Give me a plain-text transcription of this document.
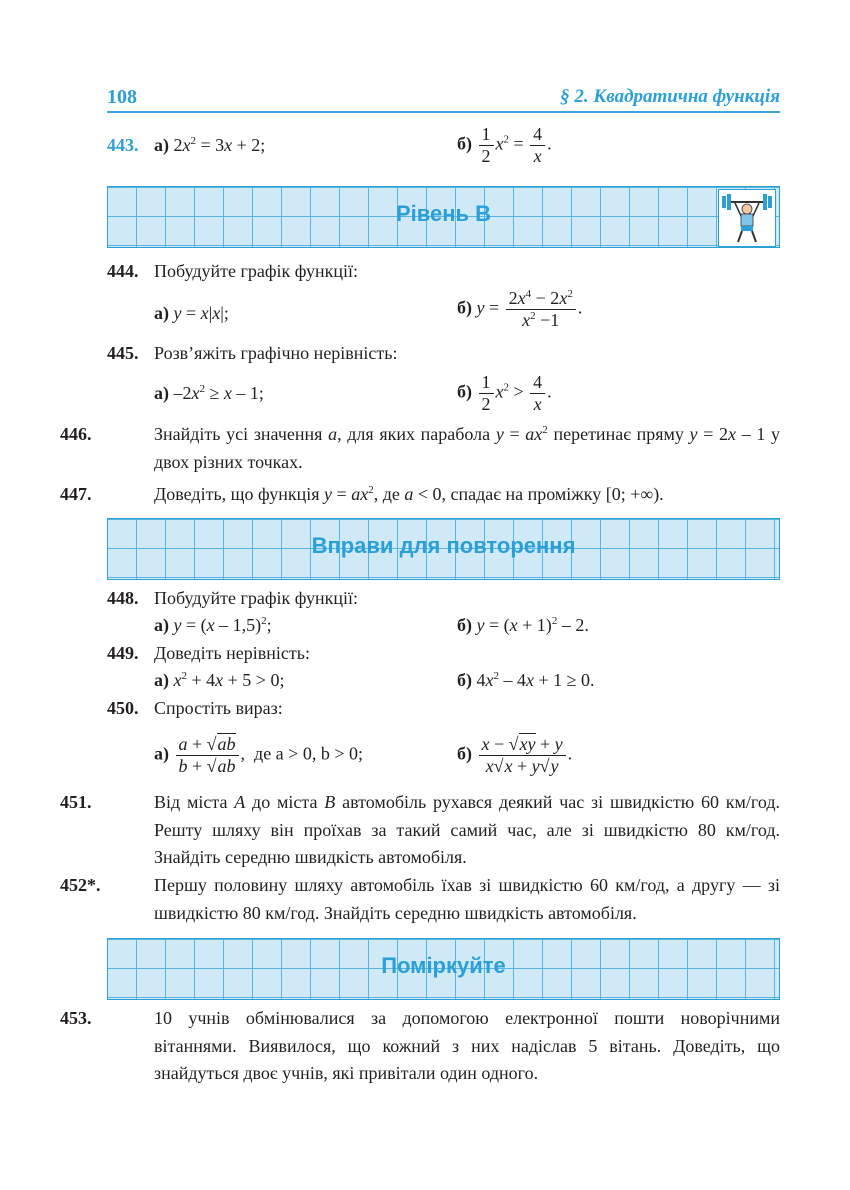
108	§ 2. Квадратична функція
443. а) $2x^2 = 3x + 2$;	$б) \frac{1}{2} x^2 = \frac{4}{x}$ .
Рівень В
444. Побудуйте графік функції:
а) y = x|x|;	б) $y = \frac{2x^4 - 2x^2}{x^2 -1}$ .
445. Розв’яжіть графічно нерівність:
а) $-2x^2 \ge x - 1$;	$б) \frac{1}{2} x^2 > \frac{4}{x}$ .
446.	Знайдіть усі значення a, для яких парабола $y = ax^2$ перетинає пряму y = 2x – 1 у двох різних точках.
447.	Доведіть, що функція $y = ax^2$, де a < 0, спадає на проміжку [0; +∞).
Вправи для повторення
448. Побудуйте графік функції:
а) y = (x – 1,5)$^2$;	б) $y = (x + 1)^2 - 2$.
449. Доведіть нерівність:
а) $x^2 + 4x + 5 > 0$;	б) $4x^2 - 4x + 1 \ge 0$.
450. Спростіть вираз:
$а) \frac{a + √ab}{b + √ab}$ ,  де a > 0, b > 0;	$б) \frac{x - √xy + y}{x√x + y√y}$ .
451.	Від міста A до міста B автомобіль рухався деякий час зі швидкістю 60 км/год. Решту шляху він проїхав за такий самий час, але зі швидкістю 80 км/год. Знайдіть середню швидкість автомобіля.
452*.	Першу половину шляху автомобіль їхав зі швидкістю 60 км/год, а другу — зі швидкістю 80 км/год. Знайдіть середню швидкість автомобіля.
Поміркуйте
453.	10 учнів обмінювалися за допомогою електронної пошти новорічними вітаннями. Виявилося, що кожний з них надіслав 5 вітань. Доведіть, що знайдуться двоє учнів, які привітали один одного.
